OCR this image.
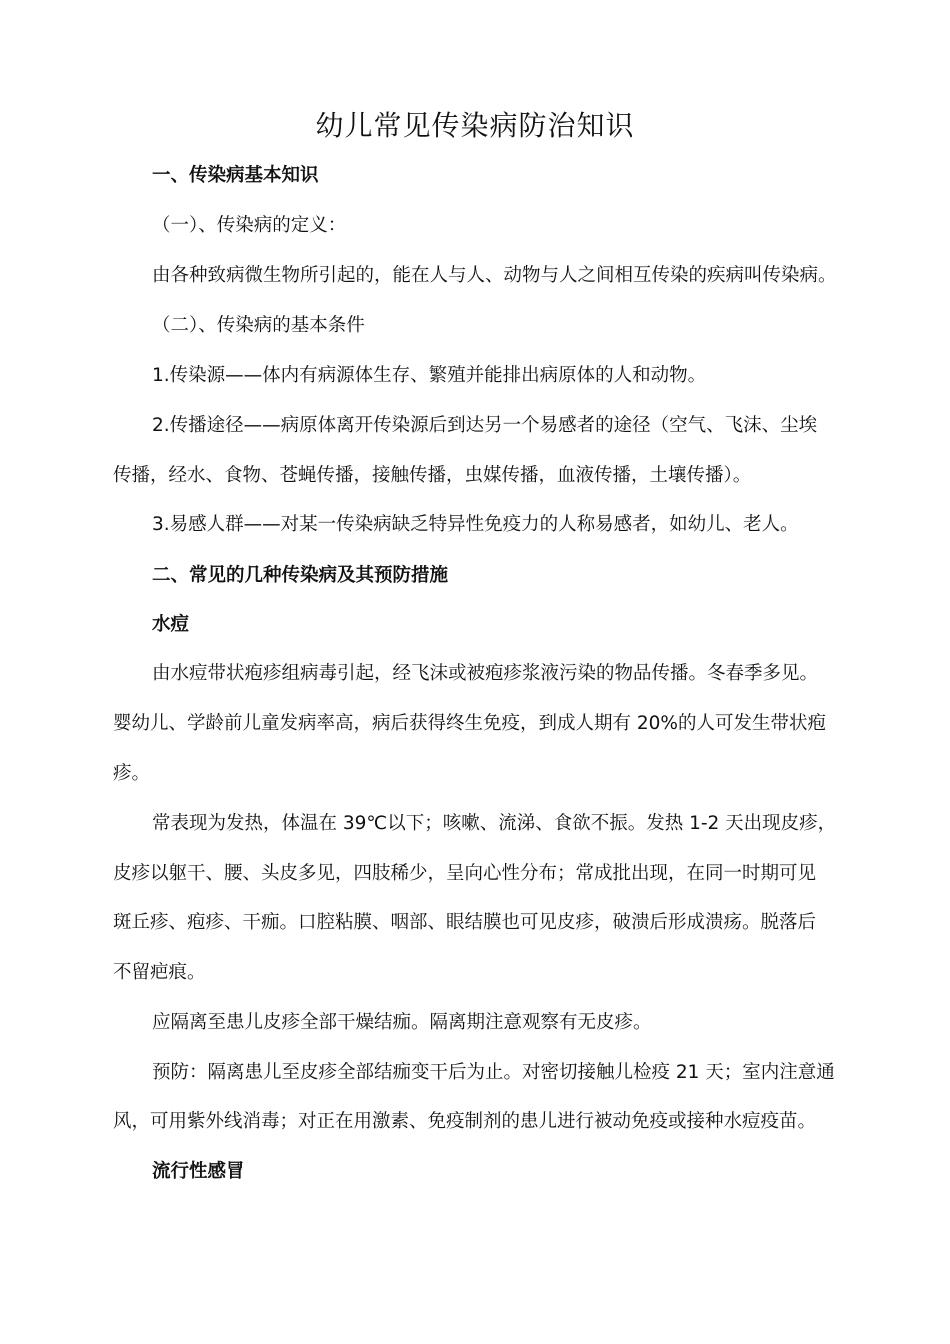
幼儿常见传染病防治知识
一、传染病基本知识
（一）、传染病的定义：
由各种致病微生物所引起的，能在人与人、动物与人之间相互传染的疾病叫传染病。
（二）、传染病的基本条件
1.传染源——体内有病源体生存、繁殖并能排出病原体的人和动物。
2.传播途径——病原体离开传染源后到达另一个易感者的途径（空气、飞沫、尘埃
传播，经水、食物、苍蝇传播，接触传播，虫媒传播，血液传播，土壤传播）。
3.易感人群——对某一传染病缺乏特异性免疫力的人称易感者，如幼儿、老人。
二、常见的几种传染病及其预防措施
水痘
由水痘带状疱疹组病毒引起，经飞沫或被疱疹浆液污染的物品传播。冬春季多见。
婴幼儿、学龄前儿童发病率高，病后获得终生免疫，到成人期有 20%的人可发生带状疱
疹。
常表现为发热，体温在 39℃以下；咳嗽、流涕、食欲不振。发热 1-2 天出现皮疹，
皮疹以躯干、腰、头皮多见，四肢稀少，呈向心性分布；常成批出现，在同一时期可见
斑丘疹、疱疹、干痂。口腔粘膜、咽部、眼结膜也可见皮疹，破溃后形成溃疡。脱落后
不留疤痕。
应隔离至患儿皮疹全部干燥结痂。隔离期注意观察有无皮疹。
预防：隔离患儿至皮疹全部结痂变干后为止。对密切接触儿检疫 21 天；室内注意通
风，可用紫外线消毒；对正在用激素、免疫制剂的患儿进行被动免疫或接种水痘疫苗。
流行性感冒
